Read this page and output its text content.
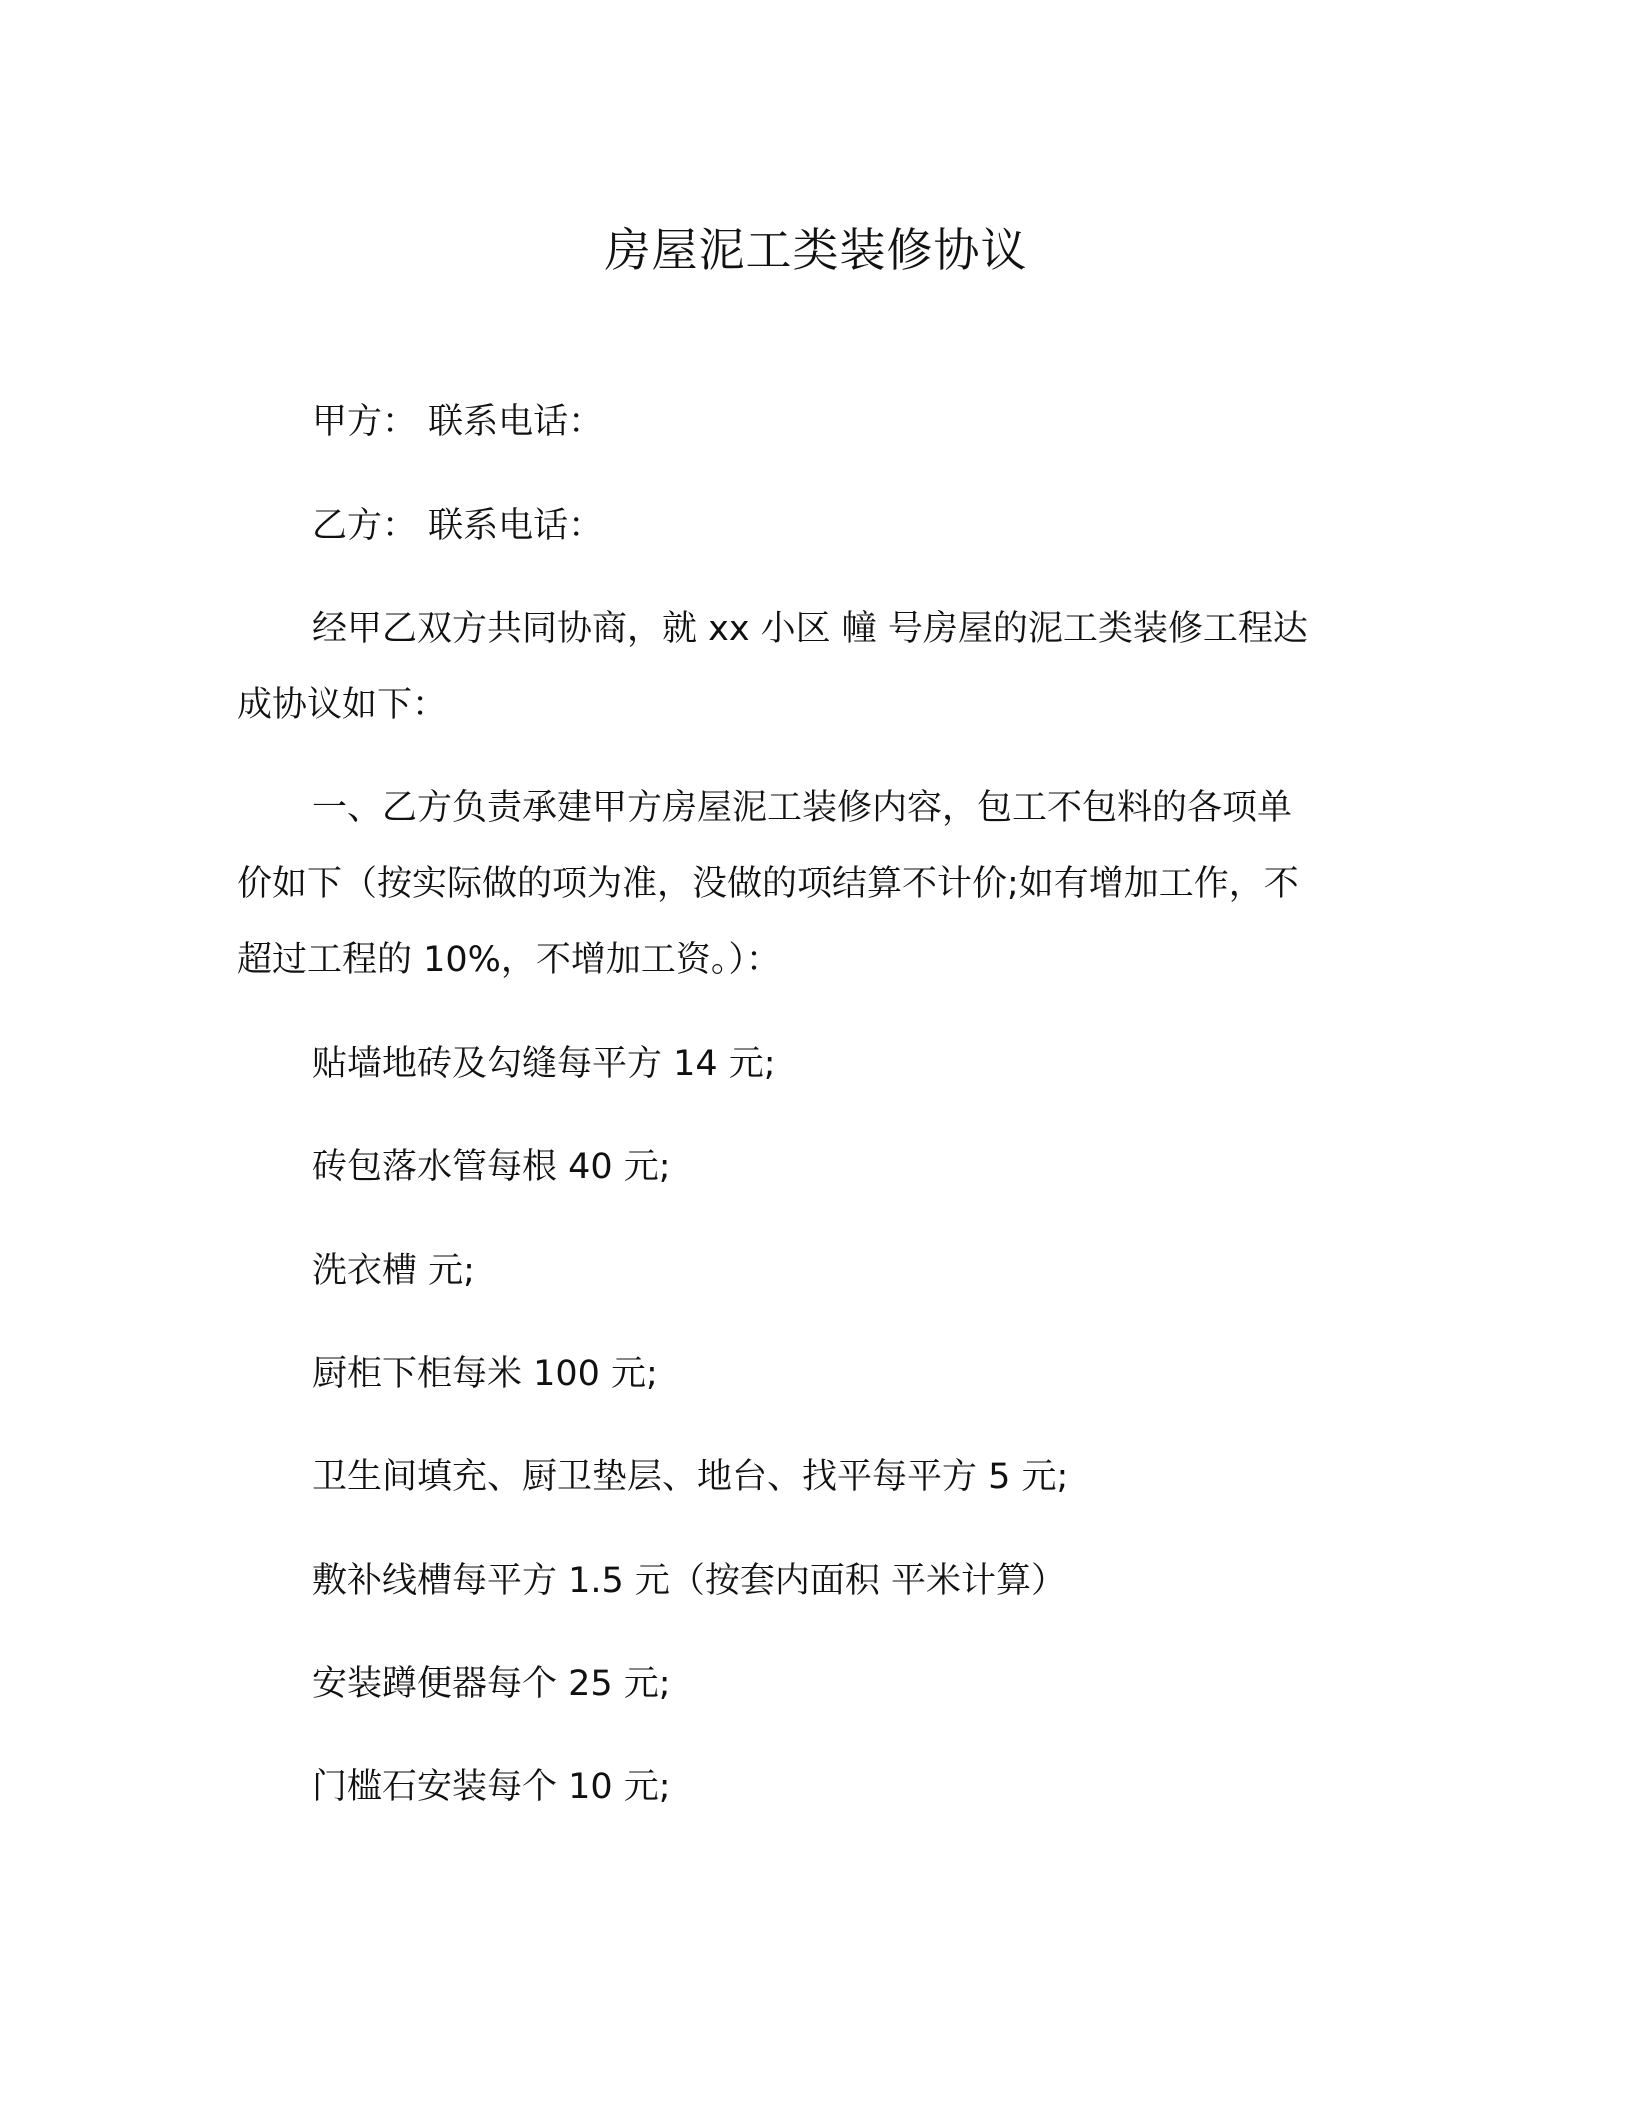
房屋泥工类装修协议
甲方： 联系电话：
乙方： 联系电话：
经甲乙双方共同协商，就 xx 小区 幢 号房屋的泥工类装修工程达
成协议如下：
一、乙方负责承建甲方房屋泥工装修内容，包工不包料的各项单
价如下（按实际做的项为准，没做的项结算不计价;如有增加工作，不
超过工程的 10%，不增加工资。）：
贴墙地砖及勾缝每平方 14 元;
砖包落水管每根 40 元;
洗衣槽 元;
厨柜下柜每米 100 元;
卫生间填充、厨卫垫层、地台、找平每平方 5 元;
敷补线槽每平方 1.5 元（按套内面积 平米计算）
安装蹲便器每个 25 元;
门槛石安装每个 10 元;
